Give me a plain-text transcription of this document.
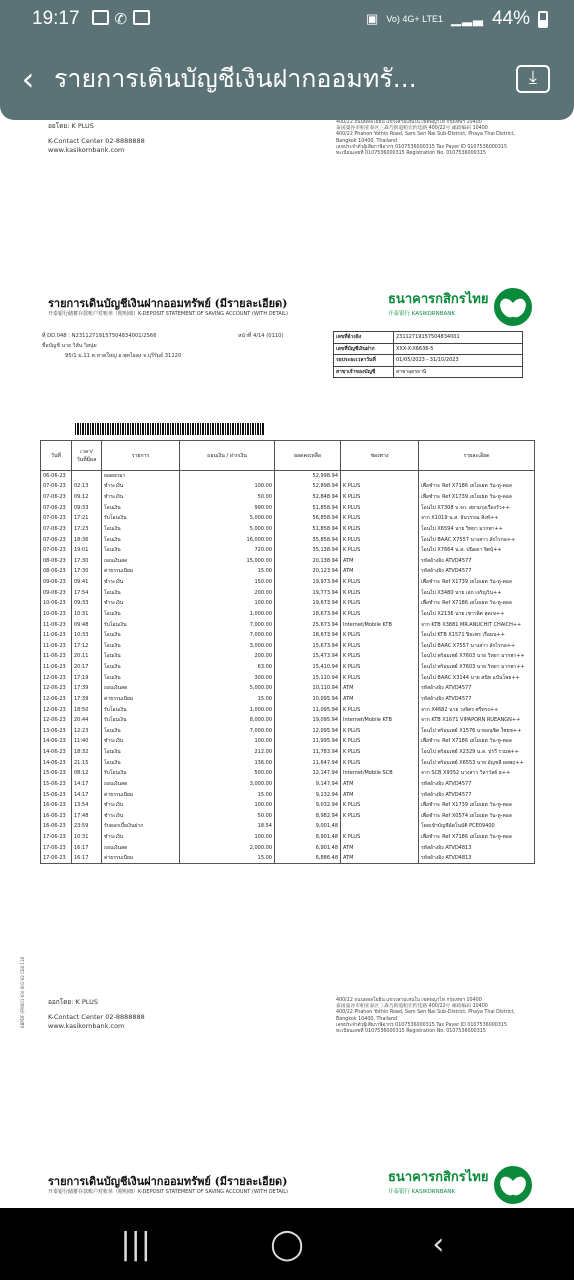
19:17 ✆	▣ Vo) 4G+ LTE1 ▁▂▃ 44%
‹ รายการเดินบัญชีเงินฝากออมทรั...	⤓
อยโดย: K PLUS
K-Contact Center 02-8888888
www.kasikornbank.com
400/22 ถนนพหลโยธิน แขวงสามเสนใน เขตพญาไท กรุงเทพฯ 10400
泰国曼谷市帕亚泰区三森乃街道帕宏约廷路 400/22号 邮政编码 10400
400/22 Phahon Yothin Road, Sam Sen Nai Sub-District, Phaya Thai District, Bangkok 10400, Thailand
เลขประจำตัวผู้เสียภาษีอากร 0107536000315 Tax Payer ID 0107536000315
ทะเบียนเลขที่ 0107536000315 Registration No. 0107536000315
รายการเดินบัญชีเงินฝากออมทรัพย์ (มีรายละเอียด)
开泰银行储蓄存款账户对账单（附明细）K-DEPOSIT STATEMENT OF SAVING ACCOUNT (WITH DETAIL)
ธนาคารกสิกรไทย
开泰银行 KASIKORNBANK
ที่ DD.048 : N2311271915750483400​1/2566	หน้าที่ 4/14 (0110)
ชื่อบัญชี นาย วิสัน วิสนุ่ย
95/1 ม.11 ต.หาดใหญ่ อ.พุทไธสง จ.บุรีรัมย์ 31120
เลขที่อ้างอิง	231127191575048340​01
เลขที่บัญชีเงินฝาก	XXX-X-X6636-5
รอบระยะเวลาวันที่	01/05/2023 - 31/10/2023
สาขาเจ้าของบัญชี	สาขาอุดรธานี
วันที่	เวลา/
วันที่มีผล	รายการ	ถอนเงิน / ฝากเงิน	ยอดคงเหลือ	ช่องทาง	รายละเอียด
06-06-23		ยอดยกมา		52,998.94		
07-06-23	02:13	ชำระเงิน	100.00	52,898.94	K PLUS	เพื่อชำระ Ref X7186 เยโยเยต วัน-ทู-คอล
07-06-23	09:12	ชำระเงิน	50.00	52,848.94	K PLUS	เพื่อชำระ Ref X1739 เยโยเยต วัน-ทู-คอล
07-06-23	09:33	โอนเงิน	990.00	51,858.94	K PLUS	โอนไป X7308 บ.จก. สยามรุ่งเรืองรัว++
07-06-23	17:21	รับโอนเงิน	5,000.00	56,858.94	K PLUS	จาก X1019 น.ส. ธันวรรณ สิงห์++
07-06-23	17:23	โอนเงิน	5,000.00	51,858.94	K PLUS	โอนไป X6594 นาย วิทยา มากพา++
07-06-23	18:36	โอนเงิน	16,000.00	35,858.94	K PLUS	โอนไป BAAC X7557 นางสาว ลักไรกล++
07-06-23	19:01	โอนเงิน	720.00	35,138.94	K PLUS	โอนไป X7664 น.ส. ปนิดดา จิตบุ้++
08-06-23	17:30	ถอนเงินสด	15,000.00	20,138.94	ATM	รหัสอ้างอิง ATVD4577
08-06-23	17:30	ค่าธรรมเนียม	15.00	20,123.94	ATM	รหัสอ้างอิง ATVD4577
09-06-23	09:41	ชำระเงิน	150.00	19,973.94	K PLUS	เพื่อชำระ Ref X1739 เยโยเยต วัน-ทู-คอล
09-06-23	17:54	โอนเงิน	200.00	19,773.94	K PLUS	โอนไป X3480 นาย เอก เจริญวิน++
10-06-23	09:33	ชำระเงิน	100.00	19,673.94	K PLUS	เพื่อชำระ Ref X7186 เยโยเยต วัน-ทู-คอล
10-06-23	10:31	โอนเงิน	1,000.00	18,673.94	K PLUS	โอนไป X2136 นาย เชาวลิต สุดเข++
11-06-23	09:48	รับโอนเงิน	7,000.00	25,673.94	Internet/Mobile KTB	จาก KTB X3881 MR.ANUCHIT CHAICH++
11-06-23	10:33	โอนเงิน	7,000.00	18,673.94	K PLUS	โอนไป KTB X1571 ปิยะพร เรือมน++
11-06-23	17:12	โอนเงิน	3,000.00	15,673.94	K PLUS	โอนไป BAAC X7557 นางสาว ลักไรกล++
11-06-23	20:11	โอนเงิน	200.00	15,473.94	K PLUS	โอนไป พร้อมเพย์ X7603 นาย วิทยา มากพา++
11-06-23	20:17	โอนเงิน	63.00	15,410.94	K PLUS	โอนไป พร้อมเพย์ X7603 นาย วิทยา มากพา++
12-06-23	17:19	โอนเงิน	300.00	15,110.94	K PLUS	โอนไป BAAC X3144 นาย สนิท แป้นโพธ++
12-06-23	17:39	ถอนเงินสด	5,000.00	10,110.94	ATM	รหัสอ้างอิง ATVD4577
12-06-23	17:39	ค่าธรรมเนียม	15.00	10,095.94	ATM	รหัสอ้างอิง ATVD4577
12-06-23	18:50	รับโอนเงิน	1,000.00	11,095.94	K PLUS	จาก X4682 นาย วงจิตร ศรีทรง++
12-06-23	20:44	รับโอนเงิน	8,000.00	19,095.94	Internet/Mobile KTB	จาก KTB X1671 VIPAPORN RUEANGN++
13-06-23	12:23	โอนเงิน	7,000.00	12,095.94	K PLUS	โอนไป พร้อมเพย์ X1576 นายอนุชิต ใชยช++
14-06-23	11:40	ชำระเงิน	100.00	11,995.94	K PLUS	เพื่อชำระ Ref X7186 เยโยเยต วัน-ทู-คอล
14-06-23	18:32	โอนเงิน	212.00	11,783.94	K PLUS	โอนไป พร้อมเพย์ X2329 น.ส. ปรวี รวมพ++
14-06-23	21:15	โอนเงิน	136.00	11,647.94	K PLUS	โอนไป พร้อมเพย์ X6553 นาย อัญชลี ผลพฤ++
15-06-23	08:12	รับโอนเงิน	500.00	12,147.94	Internet/Mobile SCB	จาก SCB X9352 นางสาว วิลาวัลย์ ธ++
15-06-23	14:17	ถอนเงินสด	3,000.00	9,147.94	ATM	รหัสอ้างอิง ATVD4577
15-06-23	14:17	ค่าธรรมเนียม	15.00	9,132.94	ATM	รหัสอ้างอิง ATVD4577
16-06-23	13:54	ชำระเงิน	100.00	9,032.94	K PLUS	เพื่อชำระ Ref X1739 เยโยเยต วัน-ทู-คอล
16-06-23	17:48	ชำระเงิน	50.00	8,982.94	K PLUS	เพื่อชำระ Ref X0574 เยโยเยต วัน-ทู-คอล
16-06-23	23:59	รับดอกเบี้ยเงินฝาก	18.54	9,001.48		โดยเข้าบัญชีอัตโนมัติ PCE09400
17-06-23	10:31	ชำระเงิน	100.00	8,901.48	K PLUS	เพื่อชำระ Ref X7186 เยโยเยต วัน-ทู-คอล
17-06-23	16:17	ถอนเงินสด	2,000.00	6,901.48	ATM	รหัสอ้างอิง ATVD4813
17-06-23	16:17	ค่าธรรมเนียม	15.00	6,886.48	ATM	รหัสอ้างอิง ATVD4813
KBPDF (FM001-V3) 001-V2 CE8-118	ออกโดย: K PLUS
K-Contact Center 02-8888888
www.kasikornbank.com
400/22 ถนนพหลโยธิน แขวงสามเสนใน เขตพญาไท กรุงเทพฯ 10400
泰国曼谷市帕亚泰区三森乃街道帕宏约廷路 400/22号 邮政编码 10400
400/22 Phahon Yothin Road, Sam Sen Nai Sub-District, Phaya Thai District, Bangkok 10400, Thailand
เลขประจำตัวผู้เสียภาษีอากร 0107536000315 Tax Payer ID 0107536000315
ทะเบียนเลขที่ 0107536000315 Registration No. 0107536000315
รายการเดินบัญชีเงินฝากออมทรัพย์ (มีรายละเอียด)
开泰银行储蓄存款账户对账单（附明细）K-DEPOSIT STATEMENT OF SAVING ACCOUNT (WITH DETAIL)
ธนาคารกสิกรไทย
开泰银行 KASIKORNBANK
|||	◯	‹
